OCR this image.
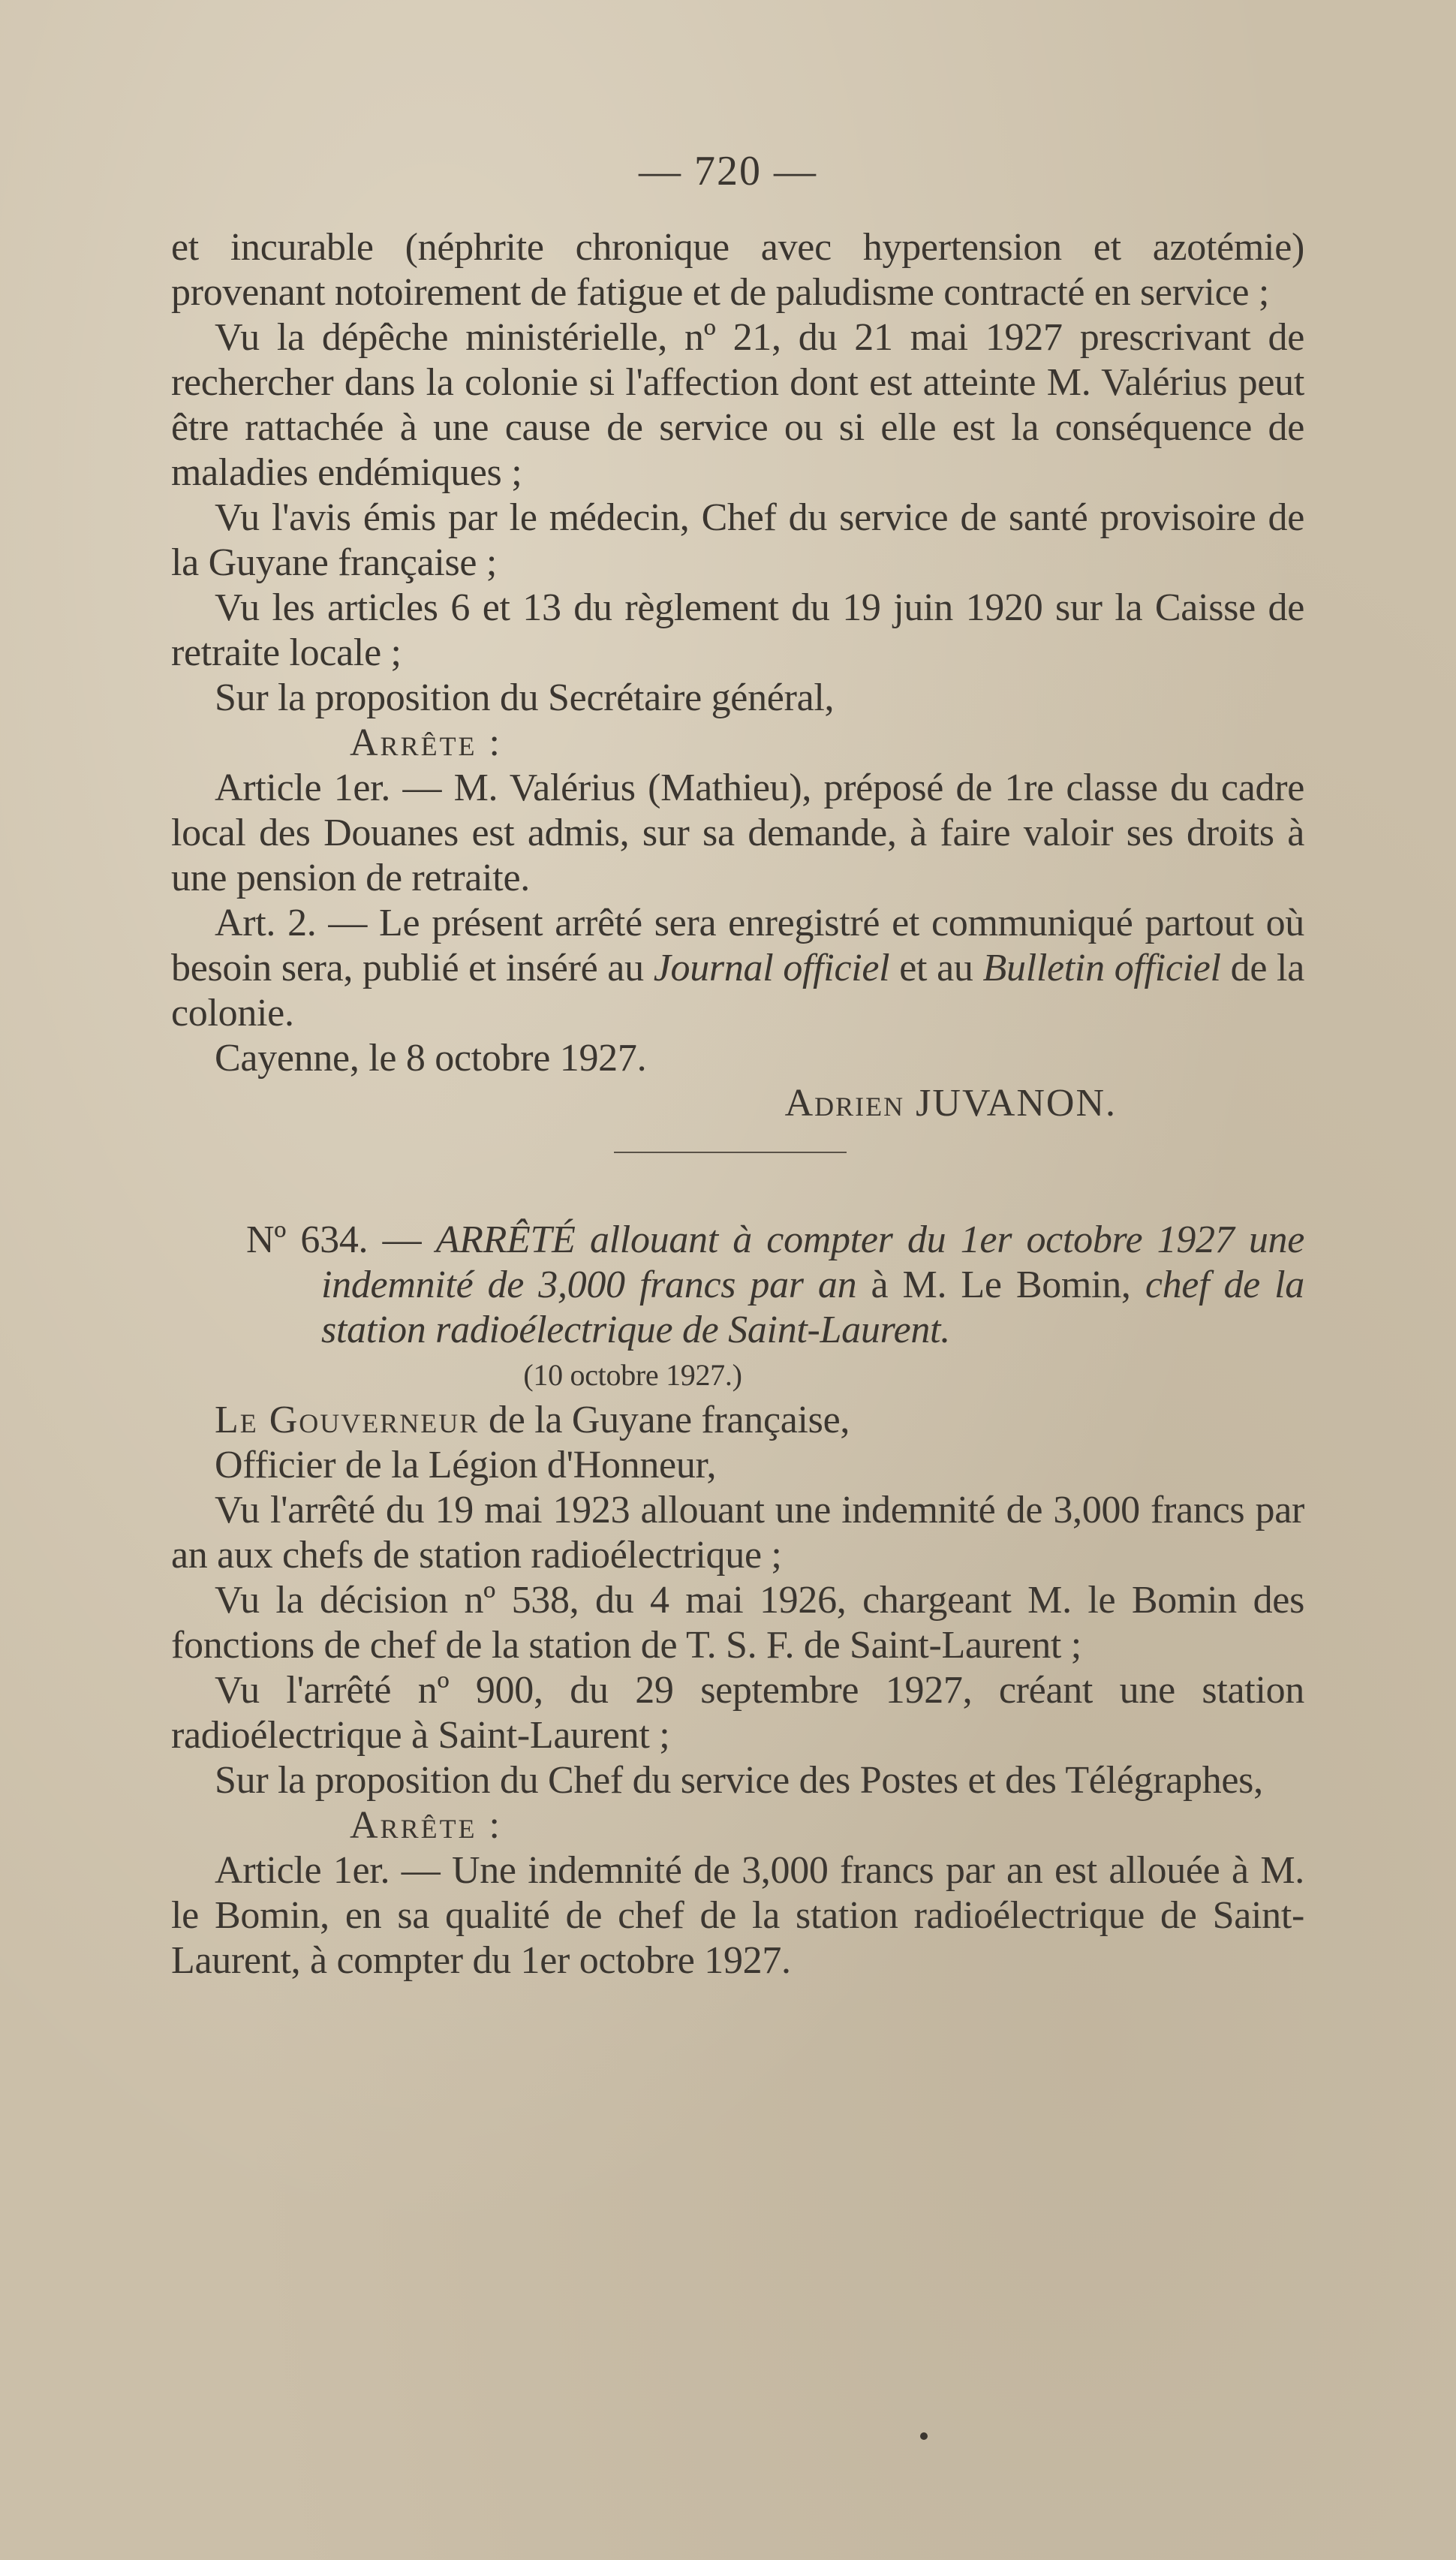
— 720 —

et incurable (néphrite chronique avec hypertension et azotémie) provenant notoirement de fatigue et de paludisme contracté en service ;

Vu la dépêche ministérielle, nº 21, du 21 mai 1927 prescrivant de rechercher dans la colonie si l'affection dont est atteinte M. Valérius peut être rattachée à une cause de service ou si elle est la conséquence de maladies endémiques ;

Vu l'avis émis par le médecin, Chef du service de santé provisoire de la Guyane française ;

Vu les articles 6 et 13 du règlement du 19 juin 1920 sur la Caisse de retraite locale ;

Sur la proposition du Secrétaire général,

Arrête :

Article 1er. — M. Valérius (Mathieu), préposé de 1re classe du cadre local des Douanes est admis, sur sa demande, à faire valoir ses droits à une pension de retraite.

Art. 2. — Le présent arrêté sera enregistré et communiqué partout où besoin sera, publié et inséré au Journal officiel et au Bulletin officiel de la colonie.

Cayenne, le 8 octobre 1927.

Adrien JUVANON.

Nº 634. — ARRÊTÉ allouant à compter du 1er octobre 1927 une indemnité de 3,000 francs par an à M. Le Bomin, chef de la station radioélectrique de Saint-Laurent.

(10 octobre 1927.)

Le Gouverneur de la Guyane française,

Officier de la Légion d'Honneur,

Vu l'arrêté du 19 mai 1923 allouant une indemnité de 3,000 francs par an aux chefs de station radioélectrique ;

Vu la décision nº 538, du 4 mai 1926, chargeant M. le Bomin des fonctions de chef de la station de T. S. F. de Saint-Laurent ;

Vu l'arrêté nº 900, du 29 septembre 1927, créant une station radioélectrique à Saint-Laurent ;

Sur la proposition du Chef du service des Postes et des Télégraphes,

Arrête :

Article 1er. — Une indemnité de 3,000 francs par an est allouée à M. le Bomin, en sa qualité de chef de la station radioélectrique de Saint-Laurent, à compter du 1er octobre 1927.
